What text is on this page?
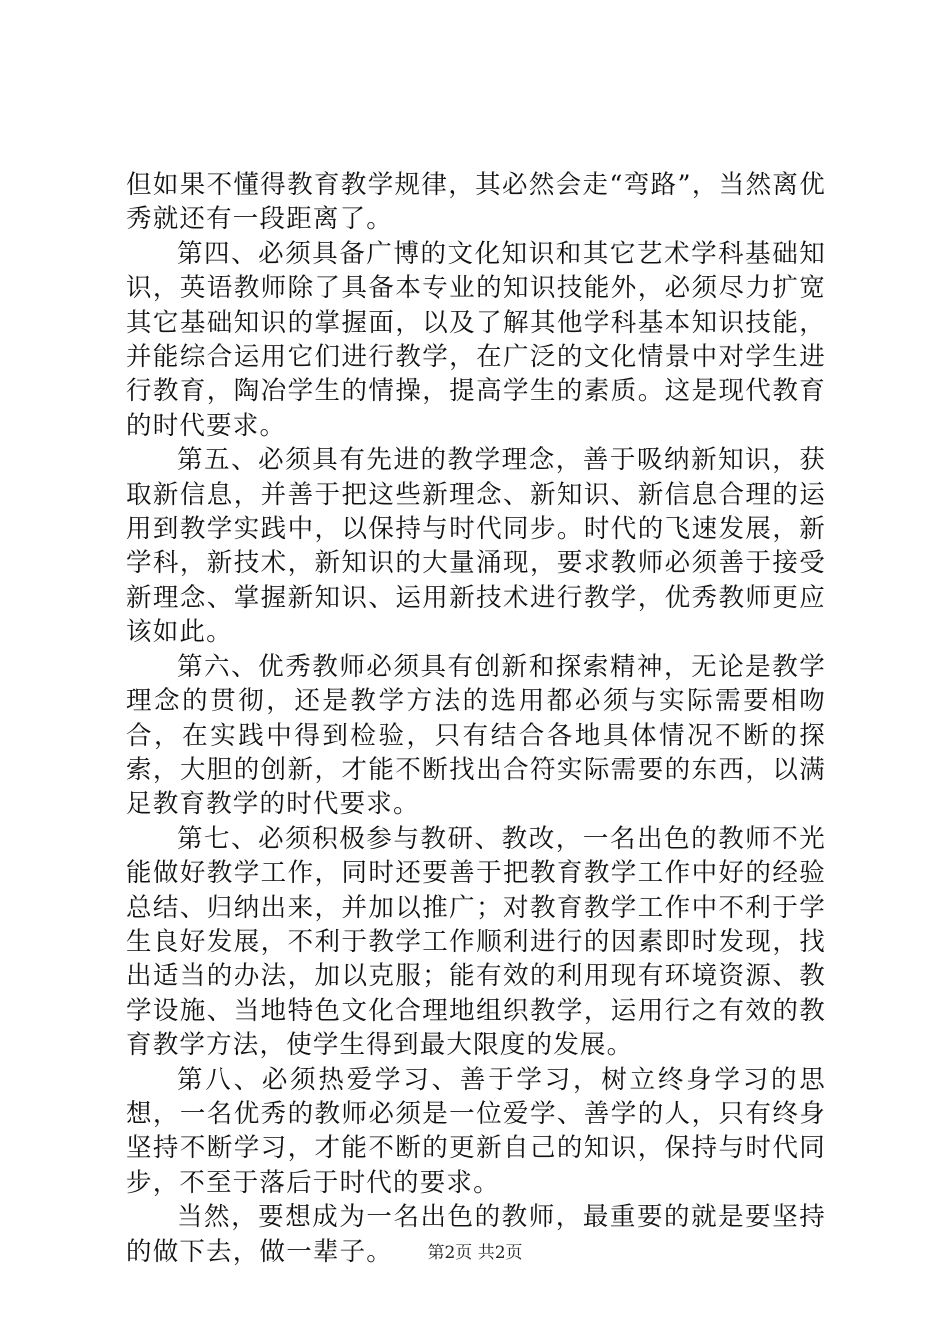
但如果不懂得教育教学规律，其必然会走“弯路”，当然离优秀就还有一段距离了。

第四、必须具备广博的文化知识和其它艺术学科基础知识，英语教师除了具备本专业的知识技能外，必须尽力扩宽其它基础知识的掌握面，以及了解其他学科基本知识技能，并能综合运用它们进行教学，在广泛的文化情景中对学生进行教育，陶冶学生的情操，提高学生的素质。这是现代教育的时代要求。

第五、必须具有先进的教学理念，善于吸纳新知识，获取新信息，并善于把这些新理念、新知识、新信息合理的运用到教学实践中，以保持与时代同步。时代的飞速发展，新学科，新技术，新知识的大量涌现，要求教师必须善于接受新理念、掌握新知识、运用新技术进行教学，优秀教师更应该如此。

第六、优秀教师必须具有创新和探索精神，无论是教学理念的贯彻，还是教学方法的选用都必须与实际需要相吻合，在实践中得到检验，只有结合各地具体情况不断的探索，大胆的创新，才能不断找出合符实际需要的东西，以满足教育教学的时代要求。

第七、必须积极参与教研、教改，一名出色的教师不光能做好教学工作，同时还要善于把教育教学工作中好的经验总结、归纳出来，并加以推广；对教育教学工作中不利于学生良好发展，不利于教学工作顺利进行的因素即时发现，找出适当的办法，加以克服；能有效的利用现有环境资源、教学设施、当地特色文化合理地组织教学，运用行之有效的教育教学方法，使学生得到最大限度的发展。

第八、必须热爱学习、善于学习，树立终身学习的思想，一名优秀的教师必须是一位爱学、善学的人，只有终身坚持不断学习，才能不断的更新自己的知识，保持与时代同步，不至于落后于时代的要求。

当然，要想成为一名出色的教师，最重要的就是要坚持的做下去，做一辈子。	第2页 共2页
